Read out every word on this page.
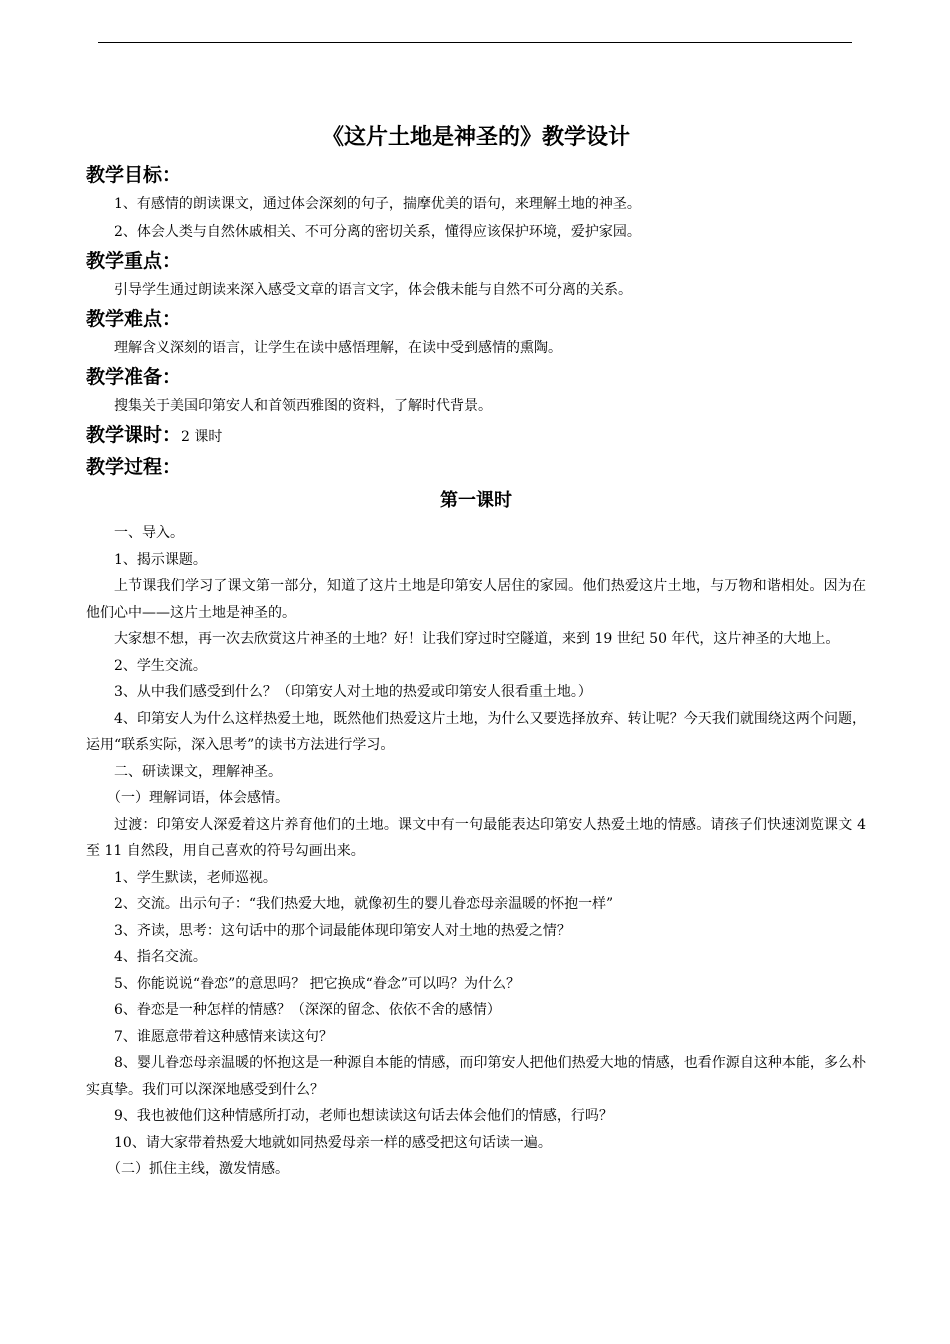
《这片土地是神圣的》教学设计
教学目标：

1、有感情的朗读课文，通过体会深刻的句子，揣摩优美的语句，来理解土地的神圣。

2、体会人类与自然休戚相关、不可分离的密切关系，懂得应该保护环境，爱护家园。

教学重点：

引导学生通过朗读来深入感受文章的语言文字，体会俄未能与自然不可分离的关系。

教学难点：

理解含义深刻的语言，让学生在读中感悟理解，在读中受到感情的熏陶。

教学准备：

搜集关于美国印第安人和首领西雅图的资料，了解时代背景。

教学课时：2 课时
教学过程：
第一课时

一、导入。

1、揭示课题。

上节课我们学习了课文第一部分，知道了这片土地是印第安人居住的家园。他们热爱这片土地，与万物和谐相处。因为在他们心中——这片土地是神圣的。

大家想不想，再一次去欣赏这片神圣的土地？好！让我们穿过时空隧道，来到 19 世纪 50 年代，这片神圣的大地上。

2、学生交流。

3、从中我们感受到什么？（印第安人对土地的热爱或印第安人很看重土地。）

4、印第安人为什么这样热爱土地，既然他们热爱这片土地，为什么又要选择放弃、转让呢？今天我们就围绕这两个问题，运用“联系实际，深入思考”的读书方法进行学习。

二、研读课文，理解神圣。

（一）理解词语，体会感情。

过渡：印第安人深爱着这片养育他们的土地。课文中有一句最能表达印第安人热爱土地的情感。请孩子们快速浏览课文 4 至 11 自然段，用自己喜欢的符号勾画出来。

1、学生默读，老师巡视。

2、交流。出示句子：“我们热爱大地，就像初生的婴儿眷恋母亲温暖的怀抱一样”

3、齐读，思考：这句话中的那个词最能体现印第安人对土地的热爱之情？

4、指名交流。

5、你能说说“眷恋”的意思吗？ 把它换成“眷念”可以吗？为什么？

6、眷恋是一种怎样的情感？（深深的留念、依依不舍的感情）

7、谁愿意带着这种感情来读这句？

8、婴儿眷恋母亲温暖的怀抱这是一种源自本能的情感，而印第安人把他们热爱大地的情感，也看作源自这种本能，多么朴实真挚。我们可以深深地感受到什么？

9、我也被他们这种情感所打动，老师也想读读这句话去体会他们的情感，行吗？

10、请大家带着热爱大地就如同热爱母亲一样的感受把这句话读一遍。

（二）抓住主线，激发情感。
